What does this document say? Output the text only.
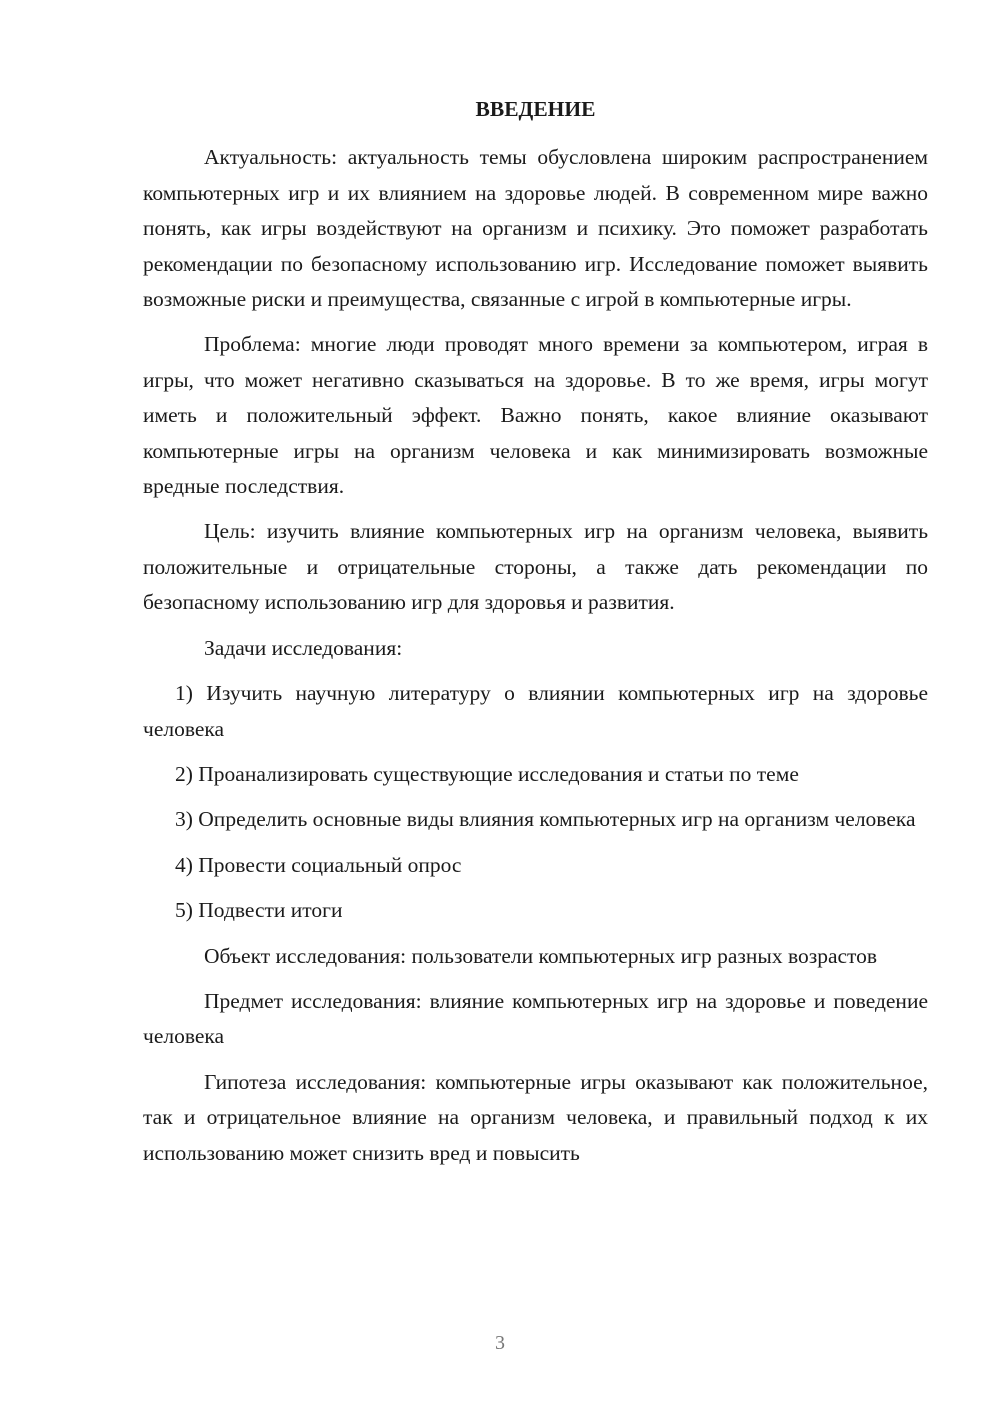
ВВЕДЕНИЕ

Актуальность: актуальность темы обусловлена широким распространением компьютерных игр и их влиянием на здоровье людей. В современном мире важно понять, как игры воздействуют на организм и психику. Это поможет разработать рекомендации по безопасному использованию игр. Исследование поможет выявить возможные риски и преимущества, связанные с игрой в компьютерные игры.

Проблема: многие люди проводят много времени за компьютером, играя в игры, что может негативно сказываться на здоровье. В то же время, игры могут иметь и положительный эффект. Важно понять, какое влияние оказывают компьютерные игры на организм человека и как минимизировать возможные вредные последствия.

Цель: изучить влияние компьютерных игр на организм человека, выявить положительные и отрицательные стороны, а также дать рекомендации по безопасному использованию игр для здоровья и развития.

Задачи исследования:

1) Изучить научную литературу о влиянии компьютерных игр на здоровье человека

2) Проанализировать существующие исследования и статьи по теме

3) Определить основные виды влияния компьютерных игр на организм человека

4) Провести социальный опрос

5) Подвести итоги

Объект исследования: пользователи компьютерных игр разных возрастов

Предмет исследования: влияние компьютерных игр на здоровье и поведение человека

Гипотеза исследования: компьютерные игры оказывают как положительное, так и отрицательное влияние на организм человека, и правильный подход к их использованию может снизить вред и повысить

3
